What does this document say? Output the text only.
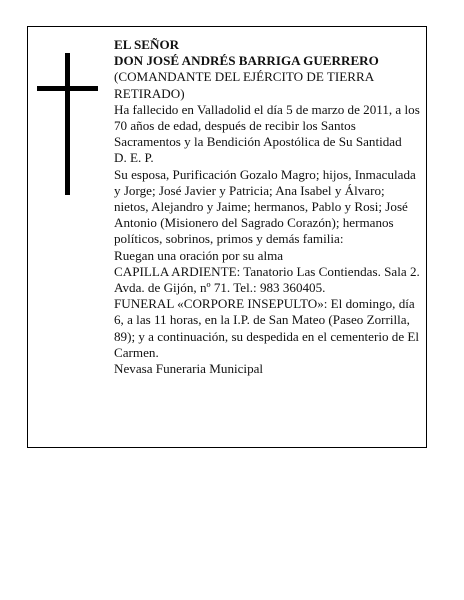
EL SEÑOR

DON JOSÉ ANDRÉS BARRIGA GUERRERO

(COMANDANTE DEL EJÉRCITO DE TIERRA RETIRADO)

Ha fallecido en Valladolid el día 5 de marzo de 2011, a los 70 años de edad, después de recibir los Santos Sacramentos y la Bendición Apostólica de Su Santidad

D. E. P.

Su esposa, Purificación Gozalo Magro; hijos, Inmaculada y Jorge; José Javier y Patricia; Ana Isabel y Álvaro; nietos, Alejandro y Jaime; hermanos, Pablo y Rosi; José Antonio (Misionero del Sagrado Corazón); hermanos políticos, sobrinos, primos y demás familia:

Ruegan una oración por su alma

CAPILLA ARDIENTE: Tanatorio Las Contiendas. Sala 2. Avda. de Gijón, nº 71. Tel.: 983 360405.

FUNERAL «CORPORE INSEPULTO»: El domingo, día 6, a las 11 horas, en la I.P. de San Mateo (Paseo Zorrilla, 89); y a continuación, su despedida en el cementerio de El Carmen.

Nevasa Funeraria Municipal
